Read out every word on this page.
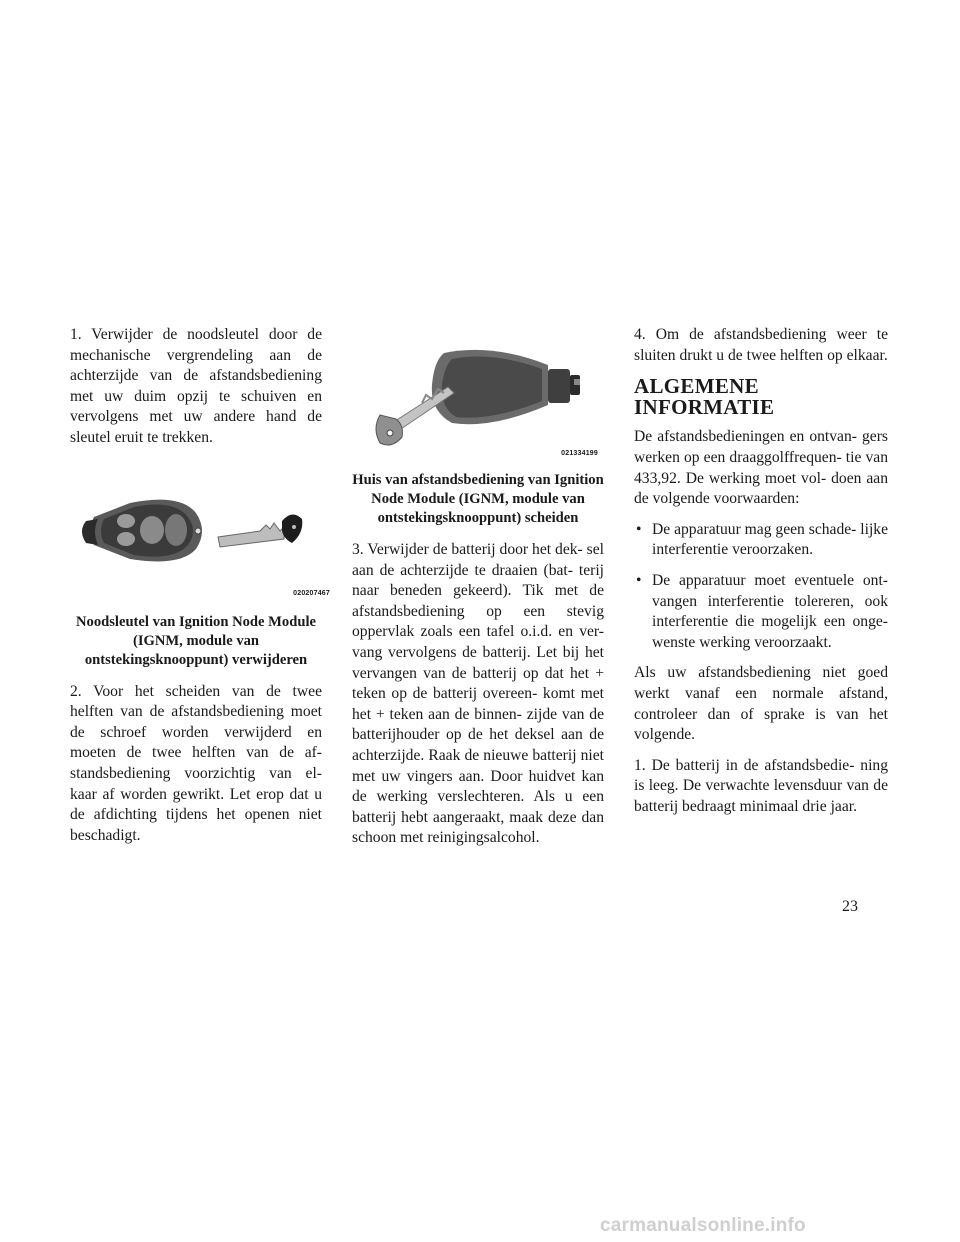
1. Verwijder de noodsleutel door de mechanische vergrendeling aan de achterzijde van de afstandsbediening met uw duim opzij te schuiven en vervolgens met uw andere hand de sleutel eruit te trekken.

020207467
Noodsleutel van Ignition Node Module (IGNM, module van ontstekingsknooppunt) verwijderen

2. Voor het scheiden van de twee helften van de afstandsbediening moet de schroef worden verwijderd en moeten de twee helften van de af- standsbediening voorzichtig van el- kaar af worden gewrikt. Let erop dat u de afdichting tijdens het openen niet beschadigt.

021334199
Huis van afstandsbediening van Ignition Node Module (IGNM, module van ontstekingsknooppunt) scheiden

3. Verwijder de batterij door het dek- sel aan de achterzijde te draaien (bat- terij naar beneden gekeerd). Tik met de afstandsbediening op een stevig oppervlak zoals een tafel o.i.d. en ver- vang vervolgens de batterij. Let bij het vervangen van de batterij op dat het + teken op de batterij overeen- komt met het + teken aan de binnen- zijde van de batterijhouder op de het deksel aan de achterzijde. Raak de nieuwe batterij niet met uw vingers aan. Door huidvet kan de werking verslechteren. Als u een batterij hebt aangeraakt, maak deze dan schoon met reinigingsalcohol.

4. Om de afstandsbediening weer te sluiten drukt u de twee helften op elkaar.

ALGEMENE INFORMATIE

De afstandsbedieningen en ontvan- gers werken op een draaggolffrequen- tie van 433,92. De werking moet vol- doen aan de volgende voorwaarden:

• De apparatuur mag geen schade- lijke interferentie veroorzaken.
• De apparatuur moet eventuele ont- vangen interferentie tolereren, ook interferentie die mogelijk een onge- wenste werking veroorzaakt.

Als uw afstandsbediening niet goed werkt vanaf een normale afstand, controleer dan of sprake is van het volgende.

1. De batterij in de afstandsbedie- ning is leeg. De verwachte levensduur van de batterij bedraagt minimaal drie jaar.

23
carmanualsonline.info
